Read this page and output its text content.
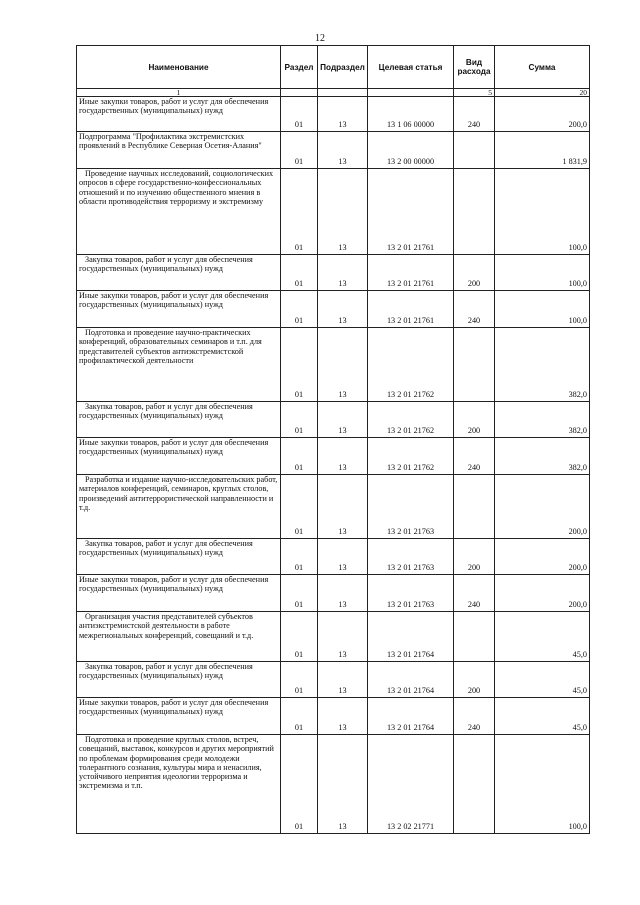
12
Наименование	Раздел	Подраздел	Целевая статья	Вид расхода	Сумма
1				5	20

Иные закупки товаров, работ и услуг для обеспечения государственных (муниципальных) нужд	01	13	13 1 06 00000	240	200,0

Подпрограмма "Профилактика экстремистских проявлений в Республике Северная Осетия-Алания"	01	13	13 2 00 00000		1 831,9

Проведение научных исследований, социологических опросов в сфере государственно-конфессиональных отношений и по изучению общественного мнения в области противодействия терроризму и экстремизму	01	13	13 2 01 21761		100,0

Закупка товаров, работ и услуг для обеспечения государственных (муниципальных) нужд	01	13	13 2 01 21761	200	100,0

Иные закупки товаров, работ и услуг для обеспечения государственных (муниципальных) нужд	01	13	13 2 01 21761	240	100,0

Подготовка и проведение научно-практических конференций, образовательных семинаров и т.п. для представителей субъектов антиэкстремистской профилактической деятельности	01	13	13 2 01 21762		382,0

Закупка товаров, работ и услуг для обеспечения государственных (муниципальных) нужд	01	13	13 2 01 21762	200	382,0

Иные закупки товаров, работ и услуг для обеспечения государственных (муниципальных) нужд	01	13	13 2 01 21762	240	382,0

Разработка и издание научно-исследовательских работ, материалов конференций, семинаров, круглых столов, произведений антитеррористической направленности и т.д.	01	13	13 2 01 21763		200,0

Закупка товаров, работ и услуг для обеспечения государственных (муниципальных) нужд	01	13	13 2 01 21763	200	200,0

Иные закупки товаров, работ и услуг для обеспечения государственных (муниципальных) нужд	01	13	13 2 01 21763	240	200,0

Организация участия представителей субъектов антиэкстремистской деятельности в работе межрегиональных конференций, совещаний и т.д.	01	13	13 2 01 21764		45,0

Закупка товаров, работ и услуг для обеспечения государственных (муниципальных) нужд	01	13	13 2 01 21764	200	45,0

Иные закупки товаров, работ и услуг для обеспечения государственных (муниципальных) нужд	01	13	13 2 01 21764	240	45,0

Подготовка и проведение круглых столов, встреч, совещаний, выставок, конкурсов и других мероприятий по проблемам формирования среди молодежи толерантного сознания, культуры мира и ненасилия, устойчивого неприятия идеологии терроризма и экстремизма и т.п.	01	13	13 2 02 21771		100,0
